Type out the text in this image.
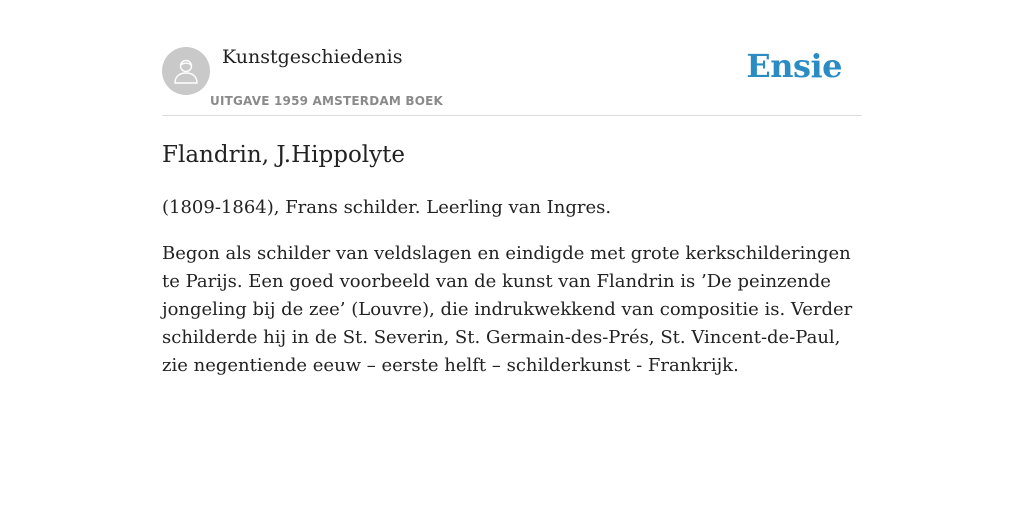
Kunstgeschiedenis
UITGAVE 1959 AMSTERDAM BOEK
Ensie
Flandrin, J.Hippolyte

(1809-1864), Frans schilder. Leerling van Ingres.

Begon als schilder van veldslagen en eindigde met grote kerkschilderingen te Parijs. Een goed voorbeeld van de kunst van Flandrin is ’De peinzende jongeling bij de zee’ (Louvre), die indrukwekkend van compositie is. Verder schilderde hij in de St. Severin, St. Germain-des-Prés, St. Vincent-de-Paul, zie negentiende eeuw – eerste helft – schilderkunst - Frankrijk.
